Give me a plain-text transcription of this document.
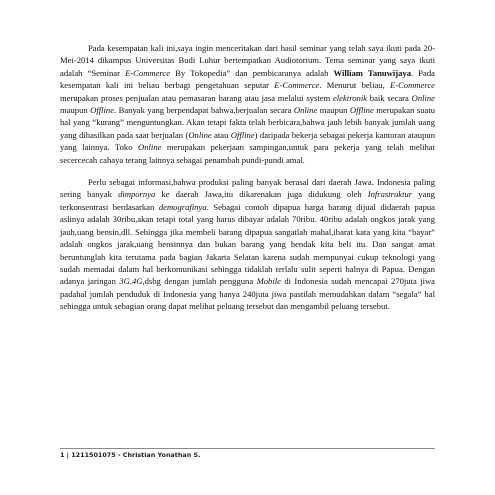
Pada kesempatan kali ini,saya ingin menceritakan dari hasil seminar yang telah saya ikuti pada 20-Mei-2014 dikampus Universitas Budi Luhur bertempatkan Audiotorium. Tema seminar yang saya ikuti adalah “Seminar E-Commerce By Tokopedia” dan pembicaranya adalah William Tanuwijaya. Pada kesempatan kali ini beliau berbagi pengetahuan seputar E-Commerce. Menurut beliau, E-Commerce merupakan proses penjualan atau pemasaran barang atau jasa melalui system elektronik baik secara Online maupun Offline. Banyak yang berpendapat bahwa,berjualan secara Online maupun Offline merupakan suatu hal yang “kurang” menguntungkan. Akan tetapi fakta telah berbicara,bahwa jauh lebih banyak jumlah uang yang dihasilkan pada saat berjualan (Online atau Offline) daripada bekerja sebagai pekerja kantoran ataupun yang lainnya. Toko Online merupakan pekerjaan sampingan,untuk para pekerja yang telah melihat secercecah cahaya terang lainnya sebagai penambah pundi-pundi amal.

Perlu sebagai informasi,bahwa produksi paling banyak berasal dari daerah Jawa. Indonesia paling sering banyak dimpornya ke daerah Jawa,itu dikarenakan juga didukung oleh Infrastruktur yang terkonsentrasi berdasarkan demografinya. Sebagai contoh dipapua harga barang dijual didaerah papua aslinya adalah 30ribu,akan tetapi total yang harus dibayar adalah 70ribu. 40ribu adalah ongkos jarak yang jauh,uang bensin,dll. Sehingga jika membeli barang dipapua sangatlah mahal,ibarat kata yang kita “bayar” adalah ongkos jarak,uang bensinnya dan bukan barang yang hendak kita beli itu. Dan sangat amat beruntunglah kita terutama pada bagian Jakarta Selatan karena sudah mempunyai cukup teknologi yang sudah memadai dalam hal berkomunikasi sehingga tidaklah terlalu sulit seperti halnya di Papua. Dengan adanya jaringan 3G,4G,dsbg dengan jumlah pengguna Mobile di Indonesia sudah mencapai 270juta jiwa padahal jumlah penduduk di Indonesia yang hanya 240juta jiwa pastilah memudahkan dalam “segala” hal sehingga untuk sebagian orang dapat melihat peluang tersebut dan mengambil peluang tersebut.

1 | 1211501075 - Christian Yonathan S.
